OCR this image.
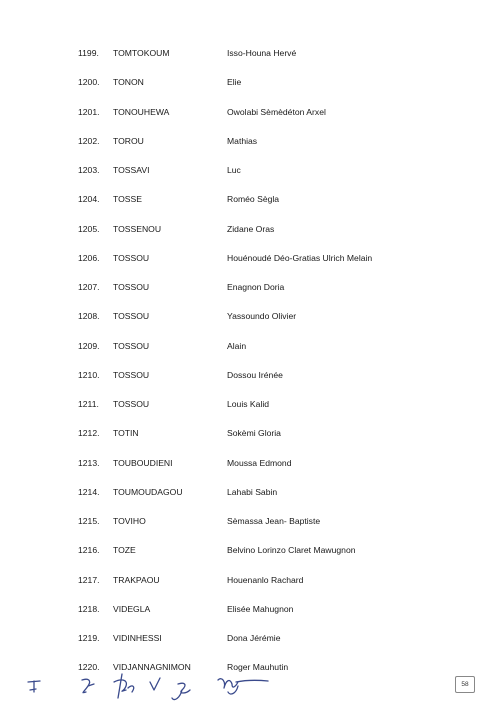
1199. TOMTOKOUM	Isso-Houna Hervé
1200. TONON	Elie
1201. TONOUHEWA	Owolabi Sèmèdéton Arxel
1202. TOROU	Mathias
1203. TOSSAVI	Luc
1204. TOSSE	Roméo Sègla
1205. TOSSENOU	Zidane Oras
1206. TOSSOU	Houénoudé Déo-Gratias Ulrich Melain
1207. TOSSOU	Enagnon Doria
1208. TOSSOU	Yassoundo Olivier
1209. TOSSOU	Alain
1210. TOSSOU	Dossou Irénée
1211. TOSSOU	Louis Kalid
1212. TOTIN	Sokèmi Gloria
1213. TOUBOUDIENI	Moussa Edmond
1214. TOUMOUDAGOU	Lahabi Sabin
1215. TOVIHO	Sèmassa Jean- Baptiste
1216. TOZE	Belvino Lorinzo Claret Mawugnon
1217. TRAKPAOU	Houenanlo Rachard
1218. VIDEGLA	Elisée Mahugnon
1219. VIDINHESSI	Dona Jérémie
1220. VIDJANNAGNIMON	Roger Mauhutin
58
